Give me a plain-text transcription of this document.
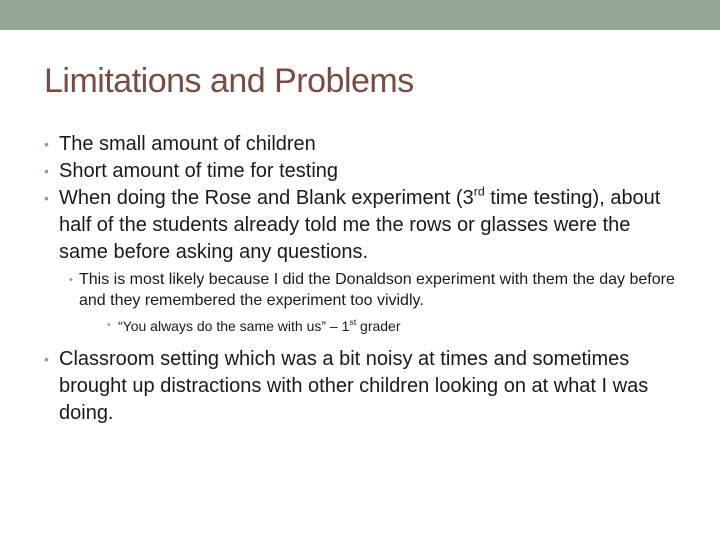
Limitations and Problems

• The small amount of children

• Short amount of time for testing

• When doing the Rose and Blank experiment (3rd time testing), about half of the students already told me the rows or glasses were the same before asking any questions.

• This is most likely because I did the Donaldson experiment with them the day before and they remembered the experiment too vividly.

• “You always do the same with us” – 1st grader

• Classroom setting which was a bit noisy at times and sometimes brought up distractions with other children looking on at what I was doing.
